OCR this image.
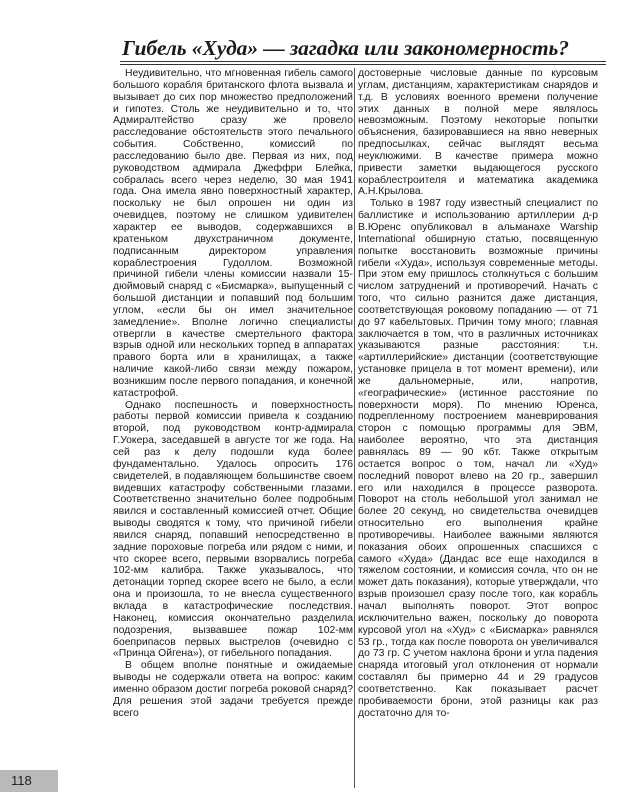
Гибель «Худа» — загадка или закономерность?

Неудивительно, что мгновенная гибель самого большого корабля британского флота вызвала и вызывает до сих пор множество предположений и гипотез. Столь же неудивительно и то, что Адмиралтейство сразу же провело расследование обстоятельств этого печального события. Собственно, комиссий по расследованию было две. Первая из них, под руководством адмирала Джеффри Блейка, собралась всего через неделю, 30 мая 1941 года. Она имела явно поверхностный характер, поскольку не был опрошен ни один из очевидцев, поэтому не слишком удивителен характер ее выводов, содержавшихся в кратеньком двухстраничном документе, подписанным директором управления кораблестроения Гудоллом. Возможной причиной гибели члены комиссии назвали 15-дюймовый снаряд с «Бисмарка», выпущенный с большой дистанции и попавший под большим углом, «если бы он имел значительное замедление». Вполне логично специалисты отвергли в качестве смертельного фактора взрыв одной или нескольких торпед в аппаратах правого борта или в хранилищах, а также наличие какой-либо связи между пожаром, возникшим после первого попадания, и конечной катастрофой.

Однако поспешность и поверхностность работы первой комиссии привела к созданию второй, под руководством контр-адмирала Г.Уокера, заседавшей в августе тог же года. На сей раз к делу подошли куда более фундаментально. Удалось опросить 176 свидетелей, в подавляющем большинстве своем видевших катастрофу собственными глазами. Соответственно значительно более подробным явился и составленный комиссией отчет. Общие выводы сводятся к тому, что причиной гибели явился снаряд, попавший непосредственно в задние пороховые погреба или рядом с ними, и что скорее всего, первыми взорвались погреба 102-мм калибра. Также указывалось, что детонации торпед скорее всего не было, а если она и произошла, то не внесла существенного вклада в катастрофические последствия. Наконец, комиссия окончательно разделила подозрения, вызвавшее пожар 102-мм боеприпасов первых выстрелов (очевидно с «Принца Ойгена»), от гибельного попадания.

В общем вполне понятные и ожидаемые выводы не содержали ответа на вопрос: каким именно образом достиг погреба роковой снаряд? Для решения этой задачи требуется прежде всего

достоверные числовые данные по курсовым углам, дистанциям, характеристикам снарядов и т.д. В условиях военного времени получение этих данных в полной мере являлось невозможным. Поэтому некоторые попытки объяснения, базировавшиеся на явно неверных предпосылках, сейчас выглядят весьма неуклюжими. В качестве примера можно привести заметки выдающегося русского кораблестроителя и математика академика А.Н.Крылова.

Только в 1987 году известный специалист по баллистике и использованию артиллерии д-р В.Юренс опубликовал в альманахе Warship International обширную статью, посвященную попытке восстановить возможные причины гибели «Худа», используя современные методы. При этом ему пришлось столкнуться с большим числом затруднений и противоречий. Начать с того, что сильно разнится даже дистанция, соответствующая роковому попаданию — от 71 до 97 кабельтовых. Причин тому много; главная заключается в том, что в различных источниках указываются разные расстояния: т.н. «артиллерийские» дистанции (соответствующие установке прицела в тот момент времени), или же дальномерные, или, напротив, «географические» (истинное расстояние по поверхности моря). По мнению Юренса, подрепленному построением маневрирования сторон с помощью программы для ЭВМ, наиболее вероятно, что эта дистанция равнялась 89 — 90 кбт. Также открытым остается вопрос о том, начал ли «Худ» последний поворот влево на 20 гр., завершил его или находился в процессе разворота. Поворот на столь небольшой угол занимал не более 20 секунд, но свидетельства очевидцев относительно его выполнения крайне противоречивы. Наиболее важными являются показания обоих опрошенных спасшихся с самого «Худа» (Дандас все еще находился в тяжелом состоянии, и комиссия сочла, что он не может дать показания), которые утверждали, что взрыв произошел сразу после того, как корабль начал выполнять поворот. Этот вопрос исключительно важен, поскольку до поворота курсовой угол на «Худ» с «Бисмарка» равнялся 53 гр., тогда как после поворота он увеличивался до 73 гр. С учетом наклона брони и угла падения снаряда итоговый угол отклонения от нормали составлял бы примерно 44 и 29 градусов соответственно. Как показывает расчет пробиваемости брони, этой разницы как раз достаточно для то-

118
